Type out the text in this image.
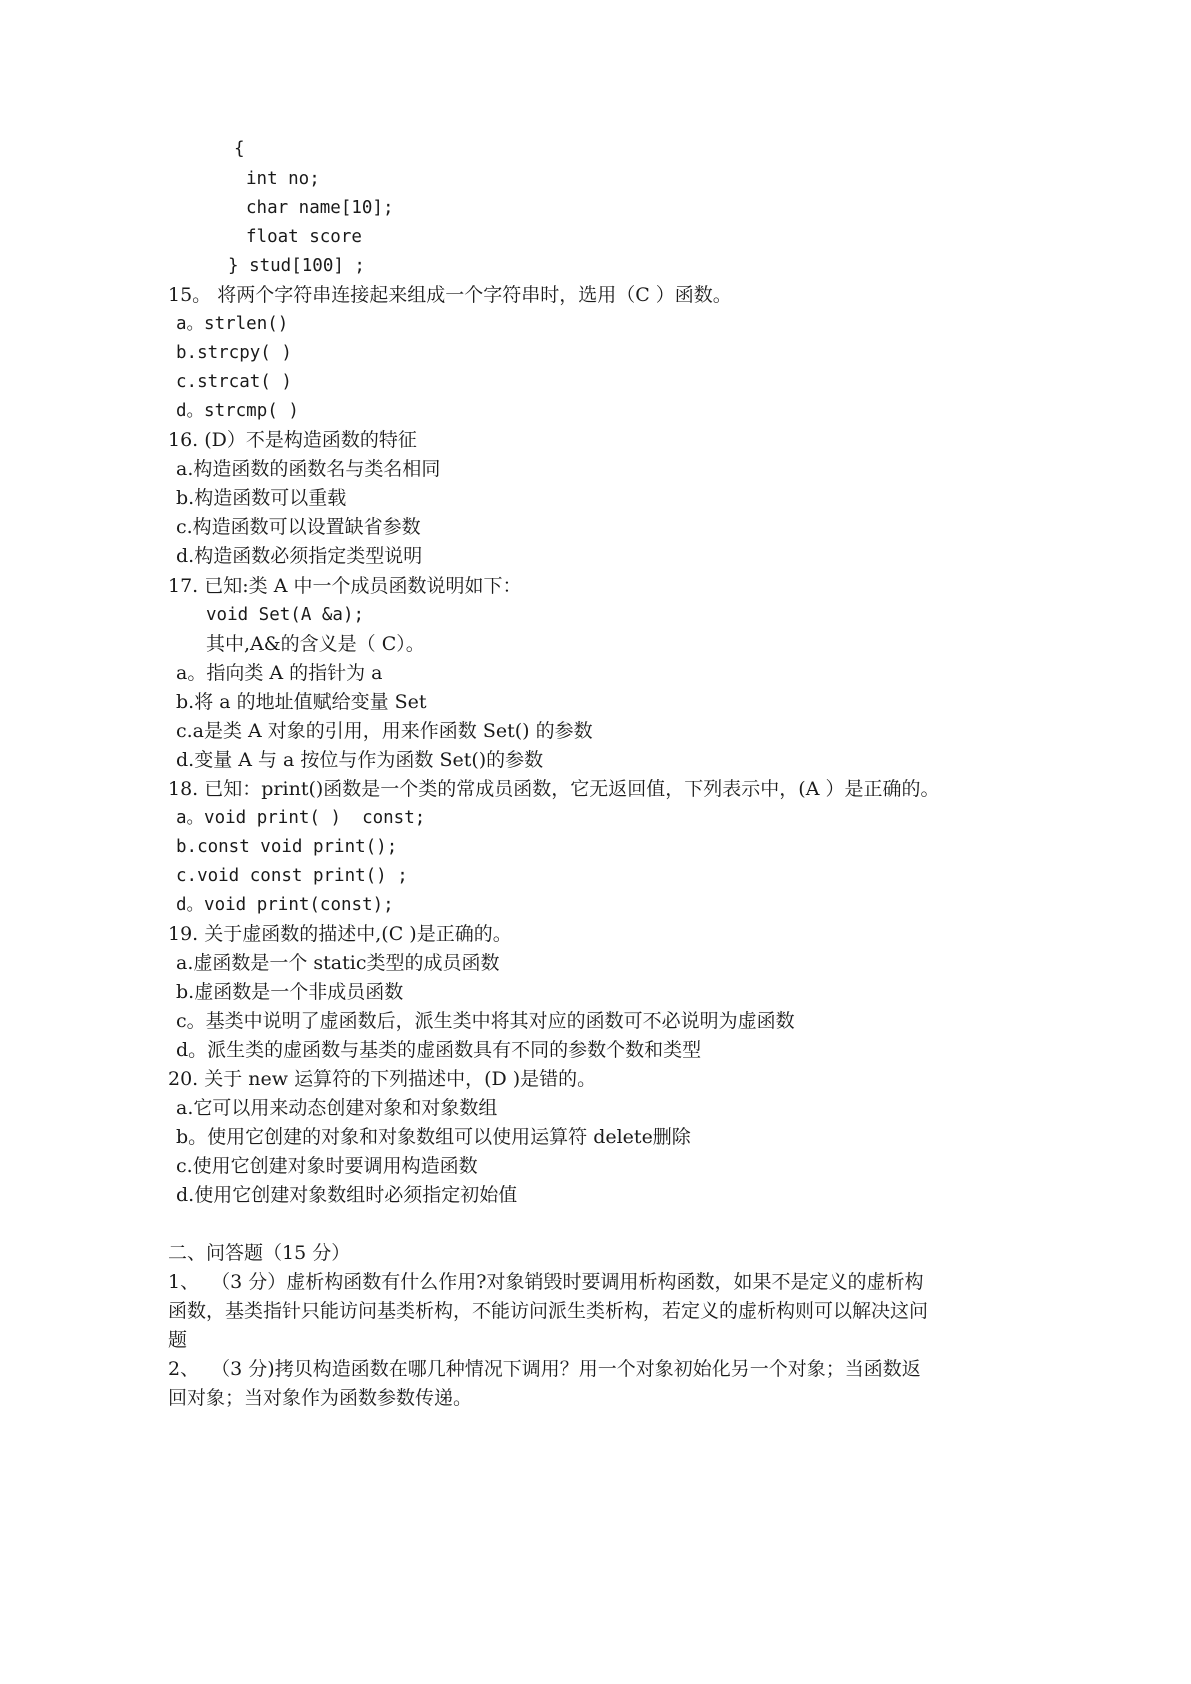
{
int no;
char name[10];
float score
} stud[100] ;
15。 将两个字符串连接起来组成一个字符串时，选用（C ）函数。
a。strlen()
b.strcpy( )
c.strcat( )
d。strcmp( )
16. (D）不是构造函数的特征
a.构造函数的函数名与类名相同
b.构造函数可以重载
c.构造函数可以设置缺省参数
d.构造函数必须指定类型说明
17. 已知:类 A 中一个成员函数说明如下：
void Set(A &a);
其中,A&的含义是（ C）。
a。指向类 A 的指针为 a
b.将 a 的地址值赋给变量 Set
c.a是类 A 对象的引用，用来作函数 Set() 的参数
d.变量 A 与 a 按位与作为函数 Set()的参数
18. 已知：print()函数是一个类的常成员函数，它无返回值，下列表示中，(A ）是正确的。
a。void print( )  const;
b.const void print();
c.void const print() ;
d。void print(const);
19. 关于虚函数的描述中,(C )是正确的。
a.虚函数是一个 static类型的成员函数
b.虚函数是一个非成员函数
c。基类中说明了虚函数后，派生类中将其对应的函数可不必说明为虚函数
d。派生类的虚函数与基类的虚函数具有不同的参数个数和类型
20. 关于 new 运算符的下列描述中，(D )是错的。
a.它可以用来动态创建对象和对象数组
b。使用它创建的对象和对象数组可以使用运算符 delete删除
c.使用它创建对象时要调用构造函数
d.使用它创建对象数组时必须指定初始值
二、问答题（15 分）
1、  （3 分）虚析构函数有什么作用?对象销毁时要调用析构函数，如果不是定义的虚析构
函数，基类指针只能访问基类析构，不能访问派生类析构，若定义的虚析构则可以解决这问
题
2、  （3 分)拷贝构造函数在哪几种情况下调用？用一个对象初始化另一个对象；当函数返
回对象；当对象作为函数参数传递。
